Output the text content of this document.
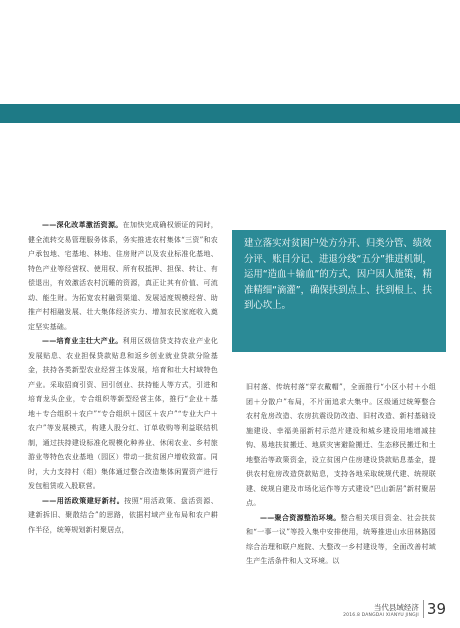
——深化改革激活资源。在加快完成确权颁证的同时，健全流转交易管理服务体系，务实推进农村集体“三资”和农户承包地、宅基地、林地、住房财产以及农业标准化基地、特色产业等经营权、使用权、所有权抵押、担保、转让、有偿退出，有效激活农村沉睡的资源，真正让其有价值、可流动、能生财。为拓宽农村融资渠道、发展适度规模经营、助推产村相融发展、壮大集体经济实力、增加农民家庭收入奠定坚实基础。

——培育业主壮大产业。利用区级信贷支持农业产业化发展贴息、农业担保贷款贴息和返乡创业就业贷款分险基金，扶持各类新型农业经营主体发展，培育和壮大村域特色产业。采取招商引资、回引创业、扶持能人等方式，引进和培育龙头企业，专合组织等新型经营主体，推行“企业＋基地＋专合组织＋农户”“专合组织＋园区＋农户”“专业大户＋农户”等发展模式，构建人股分红、订单收购等利益联结机制，通过扶持建设标准化规模化种养业、休闲农业、乡村旅游业等特色农业基地（园区）带动一批贫困户增收致富。同时，大力支持村（组）集体通过整合改造集体闲置资产进行发包租赁或入股联营。

——用活政策建好新村。按照“用活政策、盘活资源、建新拆旧、聚散结合”的思路，依据村域产业布局和农户耕作半径，统筹规划新村聚居点，

建立落实对贫困户处方分开、归类分管、绩效分评、账目分记、进退分线“五分”推进机制，运用“造血＋输血”的方式，因户因人施策，精准精细“滴灌”，确保扶到点上、扶到根上、扶到心坎上。

旧村落、传统村落“穿衣戴帽”，全面推行“小区小村＋小组团＋分散户”布局，不片面追求大集中。区级通过统筹整合农村危房改造、农房抗震设防改造、旧村改造、新村基础设施建设、幸福美丽新村示范片建设和城乡建设用地增减挂钩、易地扶贫搬迁、地质灾害避险搬迁、生态移民搬迁和土地整治等政策资金，设立贫困户住房建设贷款贴息基金，提供农村危房改造贷款贴息，支持各地采取统规代建、统规联建、统规自建及市场化运作等方式建设“巴山新居”新村聚居点。

——聚合资源整治环境。整合相关项目资金、社会扶贫和“一事一议”等投入集中安排使用，统筹推进山水田林路园综合治理和联户庭院、大整改一乡村建设等，全面改善村域生产生活条件和人文环境。以

当代县域经济
2016.8 DANGDAI XIANYU JINGJI 39
